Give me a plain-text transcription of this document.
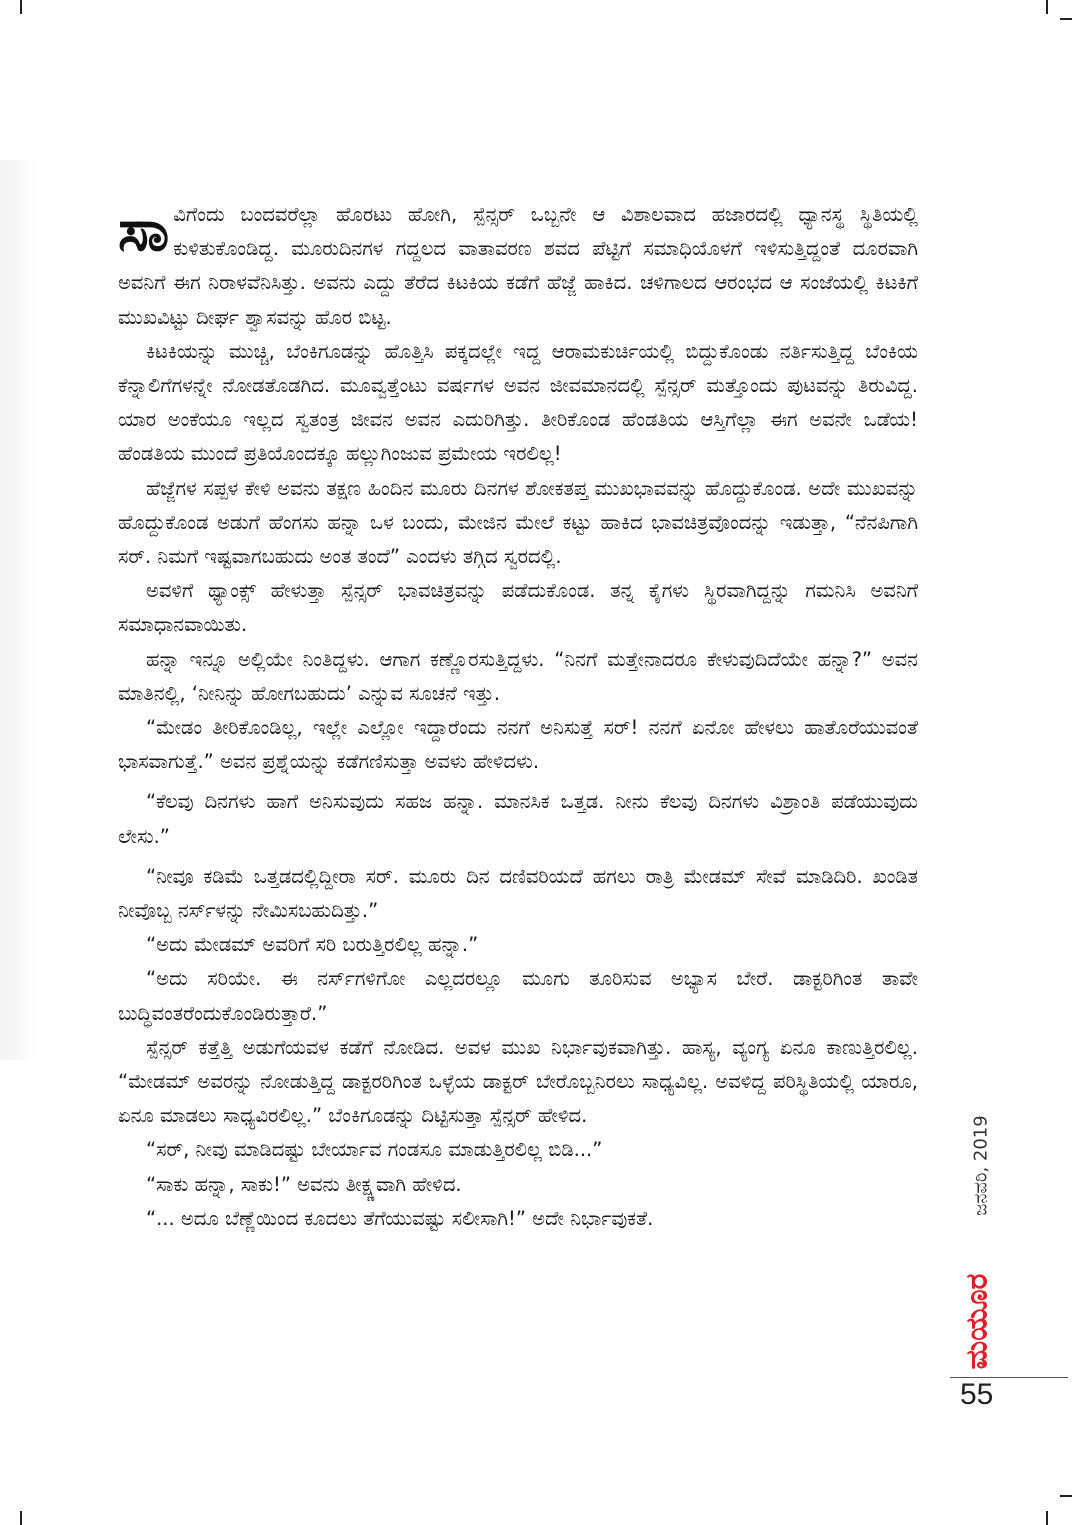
ಸಾವಿಗೆಂದು ಬಂದವರೆಲ್ಲಾ ಹೊರಟು ಹೋಗಿ, ಸ್ಪೆನ್ಸರ್ ಒಬ್ಬನೇ ಆ ವಿಶಾಲವಾದ ಹಜಾರದಲ್ಲಿ ಧ್ಯಾನಸ್ಥ ಸ್ಥಿತಿಯಲ್ಲಿ ಕುಳಿತುಕೊಂಡಿದ್ದ. ಮೂರುದಿನಗಳ ಗದ್ದಲದ ವಾತಾವರಣ ಶವದ ಪೆಟ್ಟಿಗೆ ಸಮಾಧಿಯೊಳಗೆ ಇಳಿಸುತ್ತಿದ್ದಂತೆ ದೂರವಾಗಿ ಅವನಿಗೆ ಈಗ ನಿರಾಳವೆನಿಸಿತ್ತು. ಅವನು ಎದ್ದು ತೆರೆದ ಕಿಟಕಿಯ ಕಡೆಗೆ ಹೆಜ್ಜೆ ಹಾಕಿದ. ಚಳಿಗಾಲದ ಆರಂಭದ ಆ ಸಂಜೆಯಲ್ಲಿ ಕಿಟಕಿಗೆ ಮುಖವಿಟ್ಟು ದೀರ್ಘ ಶ್ವಾಸವನ್ನು ಹೊರ ಬಿಟ್ಟ.

ಕಿಟಕಿಯನ್ನು ಮುಚ್ಚಿ, ಬೆಂಕಿಗೂಡನ್ನು ಹೊತ್ತಿಸಿ ಪಕ್ಕದಲ್ಲೇ ಇದ್ದ ಆರಾಮಕುರ್ಚಿಯಲ್ಲಿ ಬಿದ್ದುಕೊಂಡು ನರ್ತಿಸುತ್ತಿದ್ದ ಬೆಂಕಿಯ ಕೆನ್ನಾಲಿಗೆಗಳನ್ನೇ ನೋಡತೊಡಗಿದ. ಮೂವ್ವತ್ತೆಂಟು ವರ್ಷಗಳ ಅವನ ಜೀವಮಾನದಲ್ಲಿ ಸ್ಪೆನ್ಸರ್ ಮತ್ತೊಂದು ಪುಟವನ್ನು ತಿರುವಿದ್ದ. ಯಾರ ಅಂಕೆಯೂ ಇಲ್ಲದ ಸ್ವತಂತ್ರ ಜೀವನ ಅವನ ಎದುರಿಗಿತ್ತು. ತೀರಿಕೊಂಡ ಹೆಂಡತಿಯ ಆಸ್ತಿಗೆಲ್ಲಾ ಈಗ ಅವನೇ ಒಡೆಯ! ಹೆಂಡತಿಯ ಮುಂದೆ ಪ್ರತಿಯೊಂದಕ್ಕೂ ಹಲ್ಲುಗಿಂಜುವ ಪ್ರಮೇಯ ಇರಲಿಲ್ಲ!

ಹೆಜ್ಜೆಗಳ ಸಪ್ಪಳ ಕೇಳಿ ಅವನು ತಕ್ಷಣ ಹಿಂದಿನ ಮೂರು ದಿನಗಳ ಶೋಕತಪ್ತ ಮುಖಭಾವವನ್ನು ಹೊದ್ದುಕೊಂಡ. ಅದೇ ಮುಖವನ್ನು ಹೊದ್ದುಕೊಂಡ ಅಡುಗೆ ಹೆಂಗಸು ಹನ್ನಾ ಒಳ ಬಂದು, ಮೇಜಿನ ಮೇಲೆ ಕಟ್ಟು ಹಾಕಿದ ಭಾವಚಿತ್ರವೊಂದನ್ನು ಇಡುತ್ತಾ, “ನೆನಪಿಗಾಗಿ ಸರ್. ನಿಮಗೆ ಇಷ್ಟವಾಗಬಹುದು ಅಂತ ತಂದೆ” ಎಂದಳು ತಗ್ಗಿದ ಸ್ವರದಲ್ಲಿ.

ಅವಳಿಗೆ ಥ್ಯಾಂಕ್ಸ್ ಹೇಳುತ್ತಾ ಸ್ಪೆನ್ಸರ್ ಭಾವಚಿತ್ರವನ್ನು ಪಡೆದುಕೊಂಡ. ತನ್ನ ಕೈಗಳು ಸ್ಥಿರವಾಗಿದ್ದನ್ನು ಗಮನಿಸಿ ಅವನಿಗೆ ಸಮಾಧಾನವಾಯಿತು.

ಹನ್ನಾ ಇನ್ನೂ ಅಲ್ಲಿಯೇ ನಿಂತಿದ್ದಳು. ಆಗಾಗ ಕಣ್ಣೊರಸುತ್ತಿದ್ದಳು. “ನಿನಗೆ ಮತ್ತೇನಾದರೂ ಕೇಳುವುದಿದೆಯೇ ಹನ್ನಾ?” ಅವನ ಮಾತಿನಲ್ಲಿ, ‘ನೀನಿನ್ನು ಹೋಗಬಹುದು’ ಎನ್ನುವ ಸೂಚನೆ ಇತ್ತು.

“ಮೇಡಂ ತೀರಿಕೊಂಡಿಲ್ಲ, ಇಲ್ಲೇ ಎಲ್ಲೋ ಇದ್ದಾರೆಂದು ನನಗೆ ಅನಿಸುತ್ತೆ ಸರ್! ನನಗೆ ಏನೋ ಹೇಳಲು ಹಾತೊರೆಯುವಂತೆ ಭಾಸವಾಗುತ್ತೆ.” ಅವನ ಪ್ರಶ್ನೆಯನ್ನು ಕಡೆಗಣಿಸುತ್ತಾ ಅವಳು ಹೇಳಿದಳು.

“ಕೆಲವು ದಿನಗಳು ಹಾಗೆ ಅನಿಸುವುದು ಸಹಜ ಹನ್ನಾ. ಮಾನಸಿಕ ಒತ್ತಡ. ನೀನು ಕೆಲವು ದಿನಗಳು ವಿಶ್ರಾಂತಿ ಪಡೆಯುವುದು ಲೇಸು.”

“ನೀವೂ ಕಡಿಮೆ ಒತ್ತಡದಲ್ಲಿದ್ದೀರಾ ಸರ್. ಮೂರು ದಿನ ದಣಿವರಿಯದೆ ಹಗಲು ರಾತ್ರಿ ಮೇಡಮ್ ಸೇವೆ ಮಾಡಿದಿರಿ. ಖಂಡಿತ ನೀವೊಬ್ಬ ನರ್ಸ್‌ಳನ್ನು ನೇಮಿಸಬಹುದಿತ್ತು.”

“ಅದು ಮೇಡಮ್ ಅವರಿಗೆ ಸರಿ ಬರುತ್ತಿರಲಿಲ್ಲ ಹನ್ನಾ.”

“ಅದು ಸರಿಯೇ. ಈ ನರ್ಸ್‌ಗಳಿಗೋ ಎಲ್ಲದರಲ್ಲೂ ಮೂಗು ತೂರಿಸುವ ಅಭ್ಯಾಸ ಬೇರೆ. ಡಾಕ್ಟರಿಗಿಂತ ತಾವೇ ಬುದ್ಧಿವಂತರೆಂದುಕೊಂಡಿರುತ್ತಾರೆ.”

ಸ್ಪೆನ್ಸರ್ ಕತ್ತೆತ್ತಿ ಅಡುಗೆಯವಳ ಕಡೆಗೆ ನೋಡಿದ. ಅವಳ ಮುಖ ನಿರ್ಭಾವುಕವಾಗಿತ್ತು. ಹಾಸ್ಯ, ವ್ಯಂಗ್ಯ ಏನೂ ಕಾಣುತ್ತಿರಲಿಲ್ಲ. “ಮೇಡಮ್ ಅವರನ್ನು ನೋಡುತ್ತಿದ್ದ ಡಾಕ್ಟರರಿಗಿಂತ ಒಳ್ಳೆಯ ಡಾಕ್ಟರ್ ಬೇರೊಬ್ಬನಿರಲು ಸಾಧ್ಯವಿಲ್ಲ. ಅವಳಿದ್ದ ಪರಿಸ್ಥಿತಿಯಲ್ಲಿ ಯಾರೂ, ಏನೂ ಮಾಡಲು ಸಾಧ್ಯವಿರಲಿಲ್ಲ.” ಬೆಂಕಿಗೂಡನ್ನು ದಿಟ್ಟಿಸುತ್ತಾ ಸ್ಪೆನ್ಸರ್ ಹೇಳಿದ.

“ಸರ್, ನೀವು ಮಾಡಿದಷ್ಟು ಬೇರ್ಯಾವ ಗಂಡಸೂ ಮಾಡುತ್ತಿರಲಿಲ್ಲ ಬಿಡಿ...”

“ಸಾಕು ಹನ್ನಾ, ಸಾಕು!” ಅವನು ತೀಕ್ಷ್ಣವಾಗಿ ಹೇಳಿದ.

“... ಅದೂ ಬೆಣ್ಣೆಯಿಂದ ಕೂದಲು ತೆಗೆಯುವಷ್ಟು ಸಲೀಸಾಗಿ!” ಅದೇ ನಿರ್ಭಾವುಕತೆ.

ಜನವರಿ, 2019
ಮಯೂರ
55
